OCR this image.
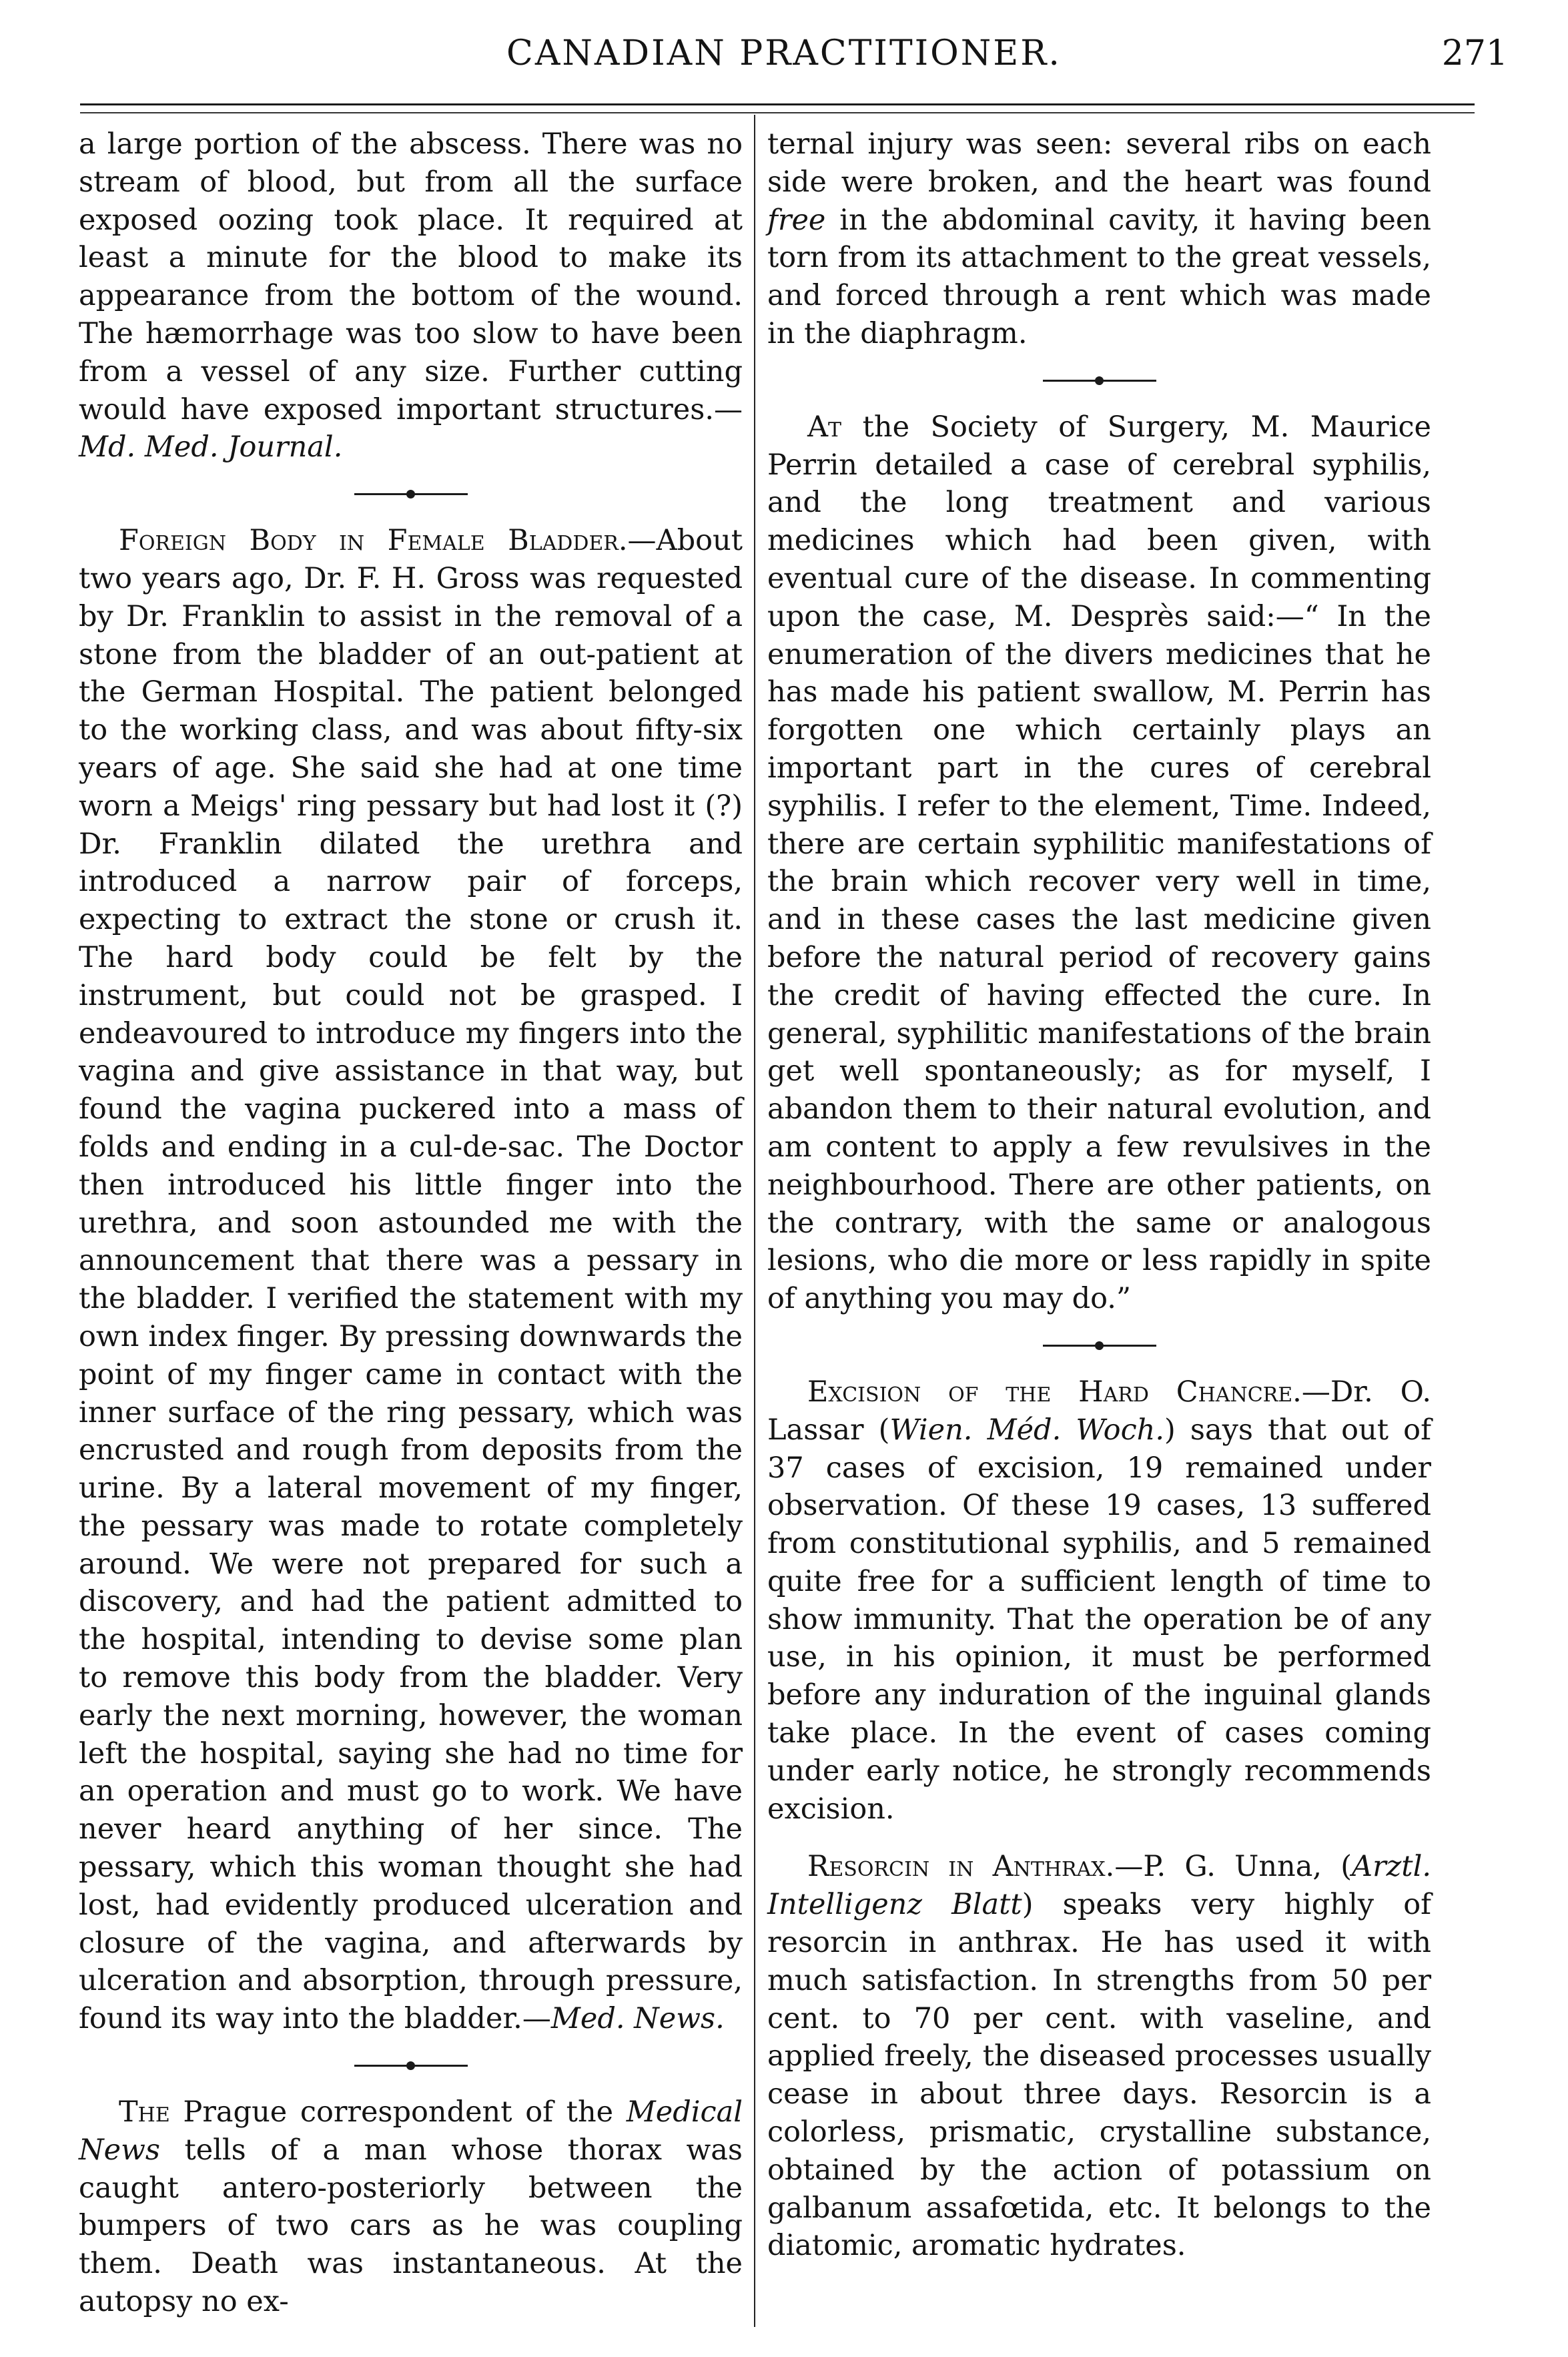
CANADIAN PRACTITIONER.	271

a large portion of the abscess. There was no stream of blood, but from all the surface exposed oozing took place. It required at least a minute for the blood to make its appearance from the bottom of the wound. The hæmorrhage was too slow to have been from a vessel of any size. Further cutting would have exposed important structures.—Md. Med. Journal.

Foreign Body in Female Bladder.—About two years ago, Dr. F. H. Gross was requested by Dr. Franklin to assist in the removal of a stone from the bladder of an out-patient at the German Hospital. The patient belonged to the working class, and was about fifty-six years of age. She said she had at one time worn a Meigs' ring pessary but had lost it (?) Dr. Franklin dilated the urethra and introduced a narrow pair of forceps, expecting to extract the stone or crush it. The hard body could be felt by the instrument, but could not be grasped. I endeavoured to introduce my fingers into the vagina and give assistance in that way, but found the vagina puckered into a mass of folds and ending in a cul-de-sac. The Doctor then introduced his little finger into the urethra, and soon astounded me with the announcement that there was a pessary in the bladder. I verified the statement with my own index finger. By pressing downwards the point of my finger came in contact with the inner surface of the ring pessary, which was encrusted and rough from deposits from the urine. By a lateral movement of my finger, the pessary was made to rotate completely around. We were not prepared for such a discovery, and had the patient admitted to the hospital, intending to devise some plan to remove this body from the bladder. Very early the next morning, however, the woman left the hospital, saying she had no time for an operation and must go to work. We have never heard anything of her since. The pessary, which this woman thought she had lost, had evidently produced ulceration and closure of the vagina, and afterwards by ulceration and absorption, through pressure, found its way into the bladder.—Med. News.

The Prague correspondent of the Medical News tells of a man whose thorax was caught antero-posteriorly between the bumpers of two cars as he was coupling them. Death was instantaneous. At the autopsy no ex-

ternal injury was seen: several ribs on each side were broken, and the heart was found free in the abdominal cavity, it having been torn from its attachment to the great vessels, and forced through a rent which was made in the diaphragm.

At the Society of Surgery, M. Maurice Perrin detailed a case of cerebral syphilis, and the long treatment and various medicines which had been given, with eventual cure of the disease. In commenting upon the case, M. Desprès said:—“ In the enumeration of the divers medicines that he has made his patient swallow, M. Perrin has forgotten one which certainly plays an important part in the cures of cerebral syphilis. I refer to the element, Time. Indeed, there are certain syphilitic manifestations of the brain which recover very well in time, and in these cases the last medicine given before the natural period of recovery gains the credit of having effected the cure. In general, syphilitic manifestations of the brain get well spontaneously; as for myself, I abandon them to their natural evolution, and am content to apply a few revulsives in the neighbourhood. There are other patients, on the contrary, with the same or analogous lesions, who die more or less rapidly in spite of anything you may do.”

Excision of the Hard Chancre.—Dr. O. Lassar (Wien. Méd. Woch.) says that out of 37 cases of excision, 19 remained under observation. Of these 19 cases, 13 suffered from constitutional syphilis, and 5 remained quite free for a sufficient length of time to show immunity. That the operation be of any use, in his opinion, it must be performed before any induration of the inguinal glands take place. In the event of cases coming under early notice, he strongly recommends excision.

Resorcin in Anthrax.—P. G. Unna, (Arztl. Intelligenz Blatt) speaks very highly of resorcin in anthrax. He has used it with much satisfaction. In strengths from 50 per cent. to 70 per cent. with vaseline, and applied freely, the diseased processes usually cease in about three days. Resorcin is a colorless, prismatic, crystalline substance, obtained by the action of potassium on galbanum assafœtida, etc. It belongs to the diatomic, aromatic hydrates.
